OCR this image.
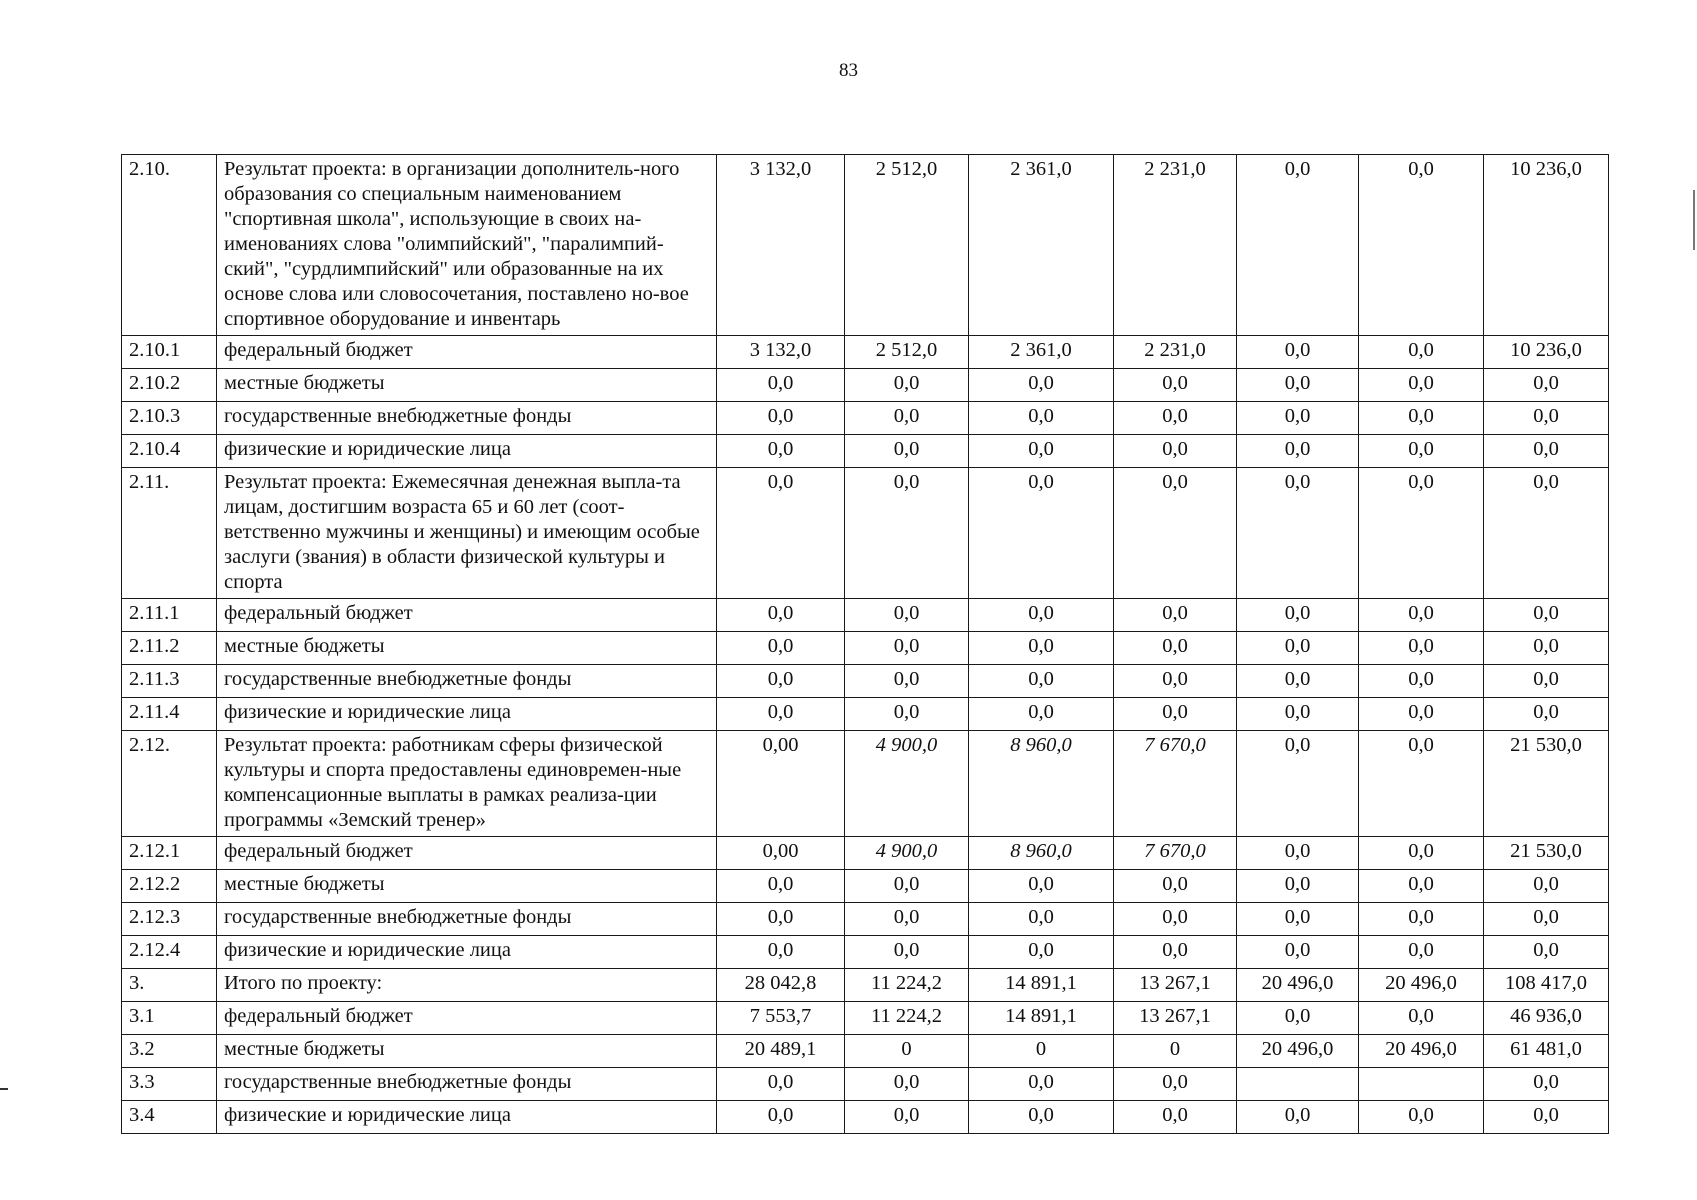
83
2.10.	Результат проекта: в организации дополнитель-ного образования со специальным наименованием "спортивная школа", использующие в своих на-именованиях слова "олимпийский", "паралимпий-ский", "сурдлимпийский" или образованные на их основе слова или словосочетания, поставлено но-вое спортивное оборудование и инвентарь	3 132,0	2 512,0	2 361,0	2 231,0	0,0	0,0	10 236,0
2.10.1	федеральный бюджет	3 132,0	2 512,0	2 361,0	2 231,0	0,0	0,0	10 236,0
2.10.2	местные бюджеты	0,0	0,0	0,0	0,0	0,0	0,0	0,0
2.10.3	государственные внебюджетные фонды	0,0	0,0	0,0	0,0	0,0	0,0	0,0
2.10.4	физические и юридические лица	0,0	0,0	0,0	0,0	0,0	0,0	0,0
2.11.	Результат проекта: Ежемесячная денежная выпла-та лицам, достигшим возраста 65 и 60 лет (соот-ветственно мужчины и женщины) и имеющим особые заслуги (звания) в области физической культуры и спорта	0,0	0,0	0,0	0,0	0,0	0,0	0,0
2.11.1	федеральный бюджет	0,0	0,0	0,0	0,0	0,0	0,0	0,0
2.11.2	местные бюджеты	0,0	0,0	0,0	0,0	0,0	0,0	0,0
2.11.3	государственные внебюджетные фонды	0,0	0,0	0,0	0,0	0,0	0,0	0,0
2.11.4	физические и юридические лица	0,0	0,0	0,0	0,0	0,0	0,0	0,0
2.12.	Результат проекта: работникам сферы физической культуры и спорта предоставлены единовремен-ные компенсационные выплаты в рамках реализа-ции программы «Земский тренер»	0,00	4 900,0	8 960,0	7 670,0	0,0	0,0	21 530,0
2.12.1	федеральный бюджет	0,00	4 900,0	8 960,0	7 670,0	0,0	0,0	21 530,0
2.12.2	местные бюджеты	0,0	0,0	0,0	0,0	0,0	0,0	0,0
2.12.3	государственные внебюджетные фонды	0,0	0,0	0,0	0,0	0,0	0,0	0,0
2.12.4	физические и юридические лица	0,0	0,0	0,0	0,0	0,0	0,0	0,0
3.	Итого по проекту:	28 042,8	11 224,2	14 891,1	13 267,1	20 496,0	20 496,0	108 417,0
3.1	федеральный бюджет	7 553,7	11 224,2	14 891,1	13 267,1	0,0	0,0	46 936,0
3.2	местные бюджеты	20 489,1	0	0	0	20 496,0	20 496,0	61 481,0
3.3	государственные внебюджетные фонды	0,0	0,0	0,0	0,0			0,0
3.4	физические и юридические лица	0,0	0,0	0,0	0,0	0,0	0,0	0,0
